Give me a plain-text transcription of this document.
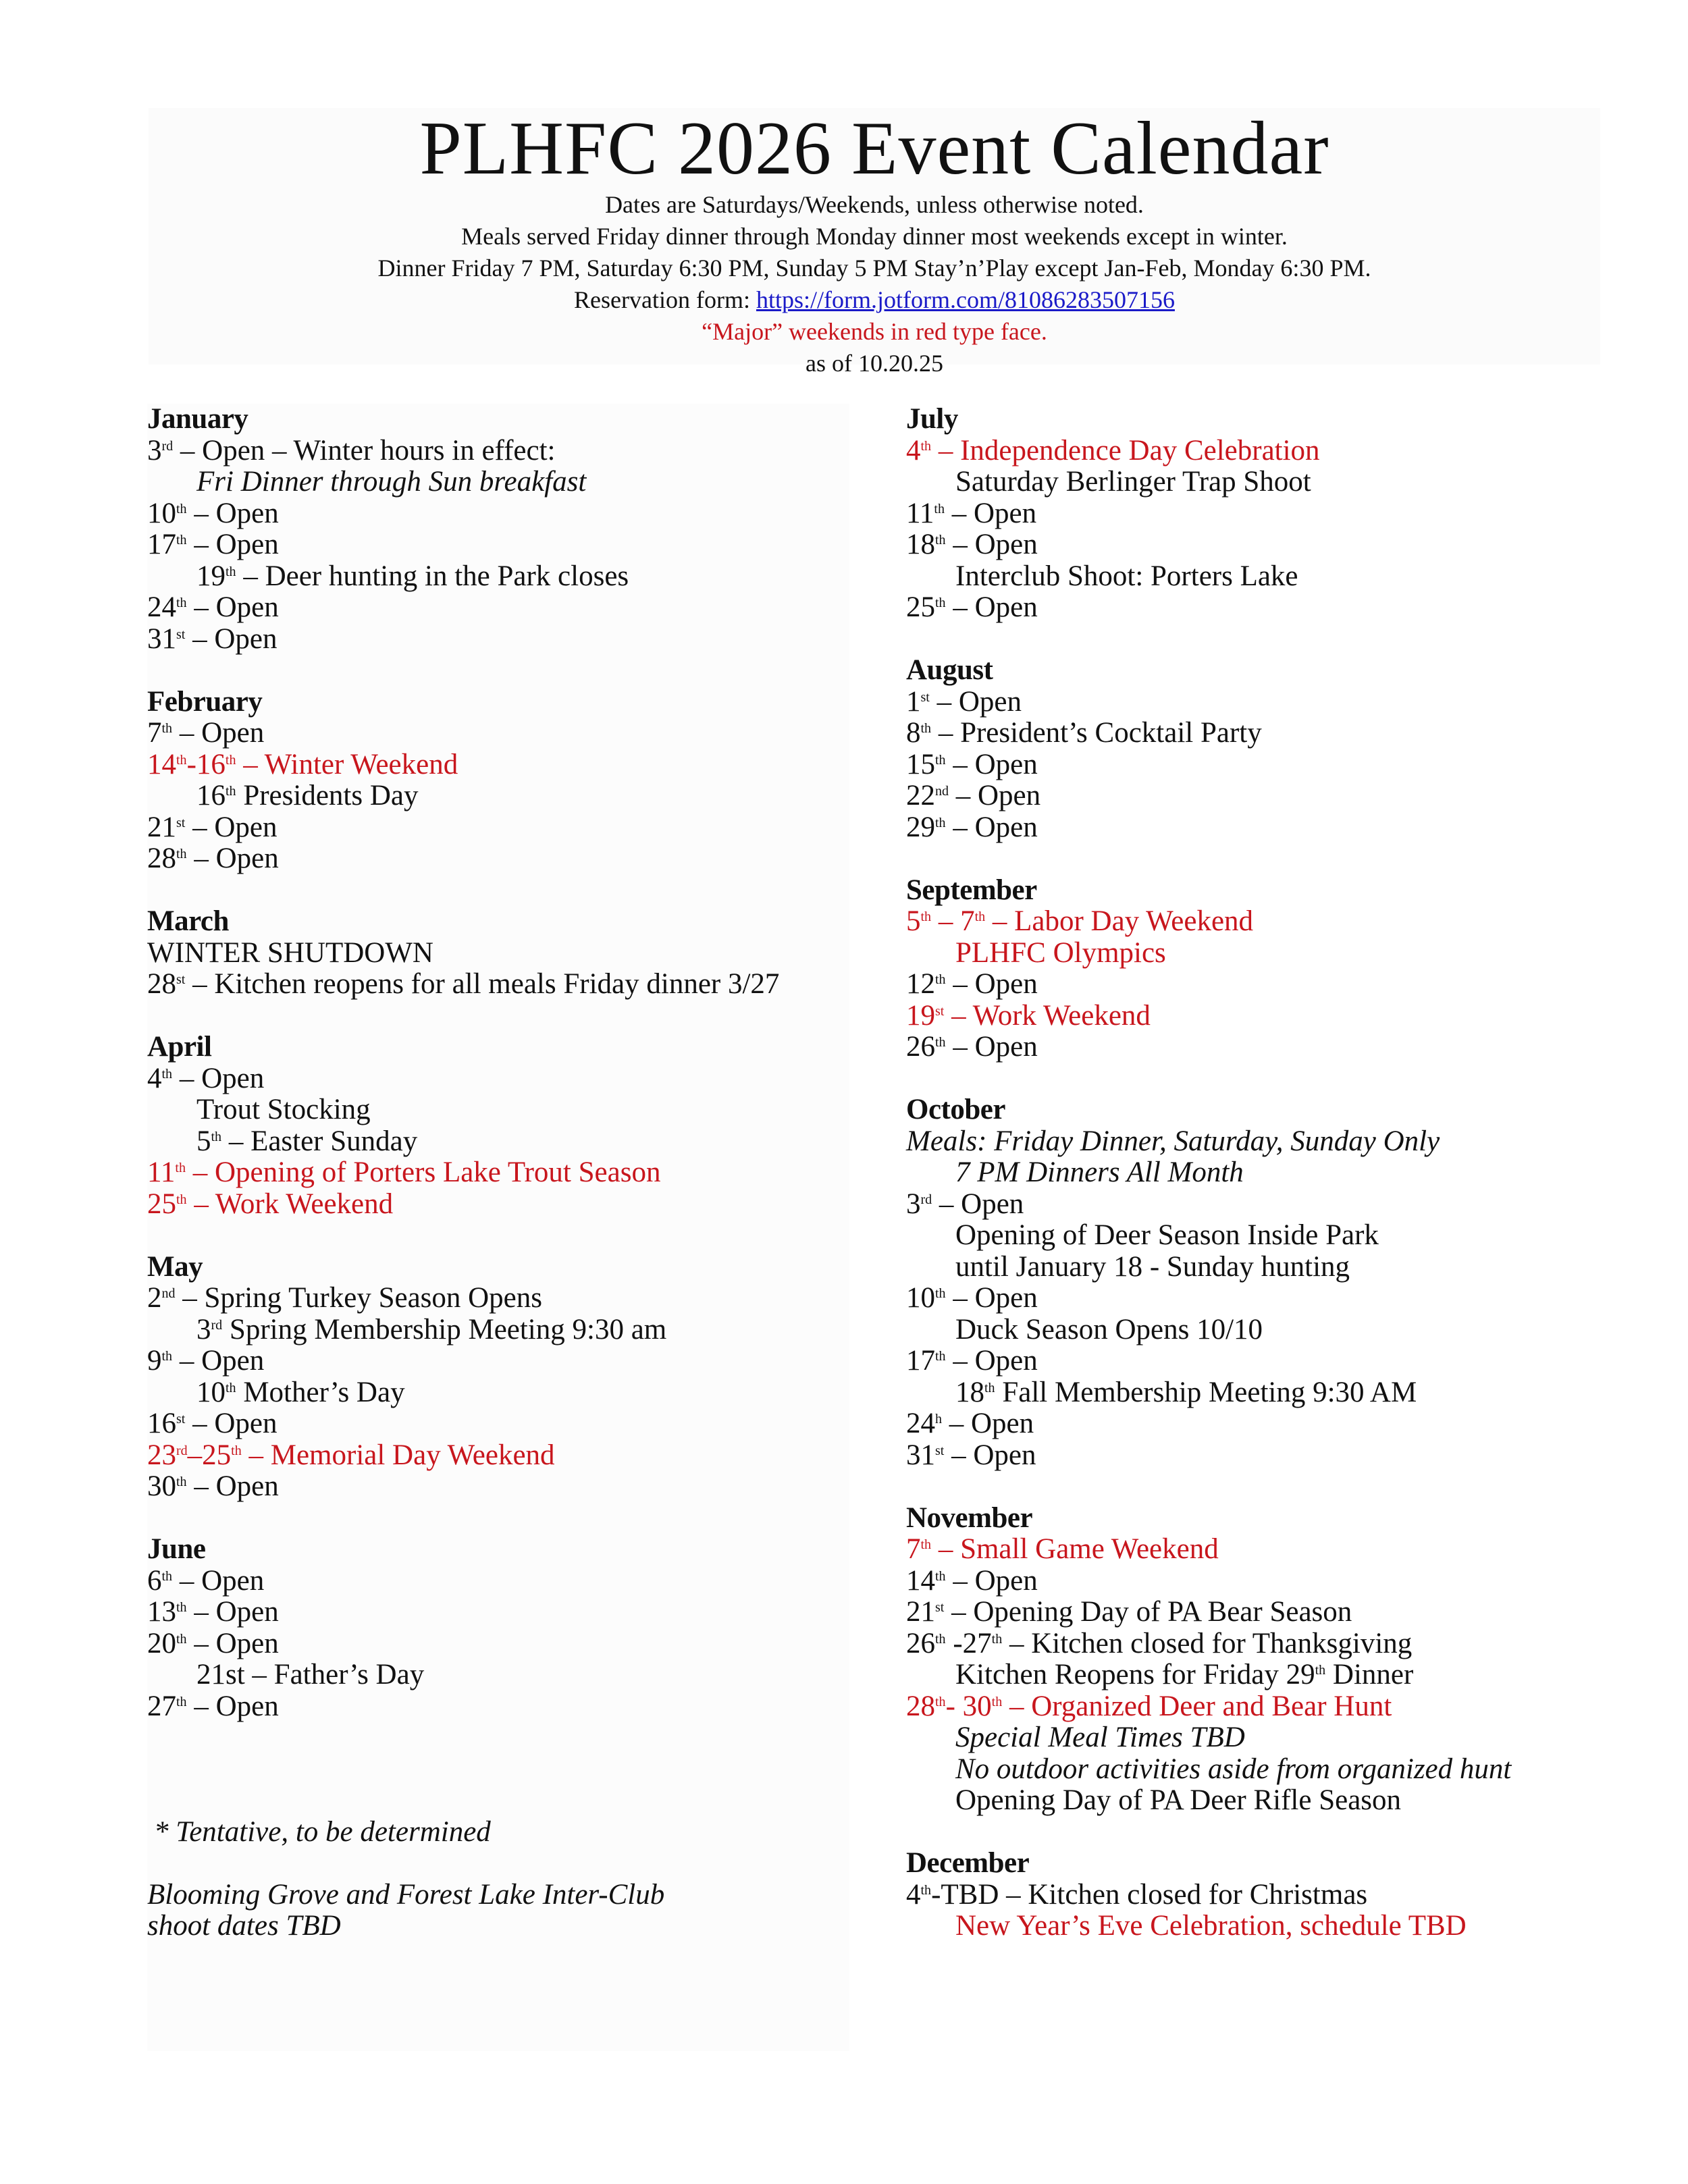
PLHFC 2026 Event Calendar
Dates are Saturdays/Weekends, unless otherwise noted.
Meals served Friday dinner through Monday dinner most weekends except in winter.
Dinner Friday 7 PM, Saturday 6:30 PM, Sunday 5 PM Stay’n’Play except Jan-Feb, Monday 6:30 PM.
Reservation form: https://form.jotform.com/81086283507156
“Major” weekends in red type face.
as of 10.20.25
January
3rd – Open – Winter hours in effect:
Fri Dinner through Sun breakfast
10th – Open
17th – Open
19th – Deer hunting in the Park closes
24th – Open
31st – Open
February
7th – Open
14th-16th – Winter Weekend
16th Presidents Day
21st – Open
28th – Open
March
WINTER SHUTDOWN
28st – Kitchen reopens for all meals Friday dinner 3/27
April
4th – Open
Trout Stocking
5th – Easter Sunday
11th – Opening of Porters Lake Trout Season
25th – Work Weekend
May
2nd – Spring Turkey Season Opens
3rd Spring Membership Meeting 9:30 am
9th – Open
10th Mother’s Day
16st – Open
23rd–25th – Memorial Day Weekend
30th – Open
June
6th – Open
13th – Open
20th – Open
21st – Father’s Day
27th – Open
* Tentative, to be determined
Blooming Grove and Forest Lake Inter-Club
shoot dates TBD
July
4th – Independence Day Celebration
Saturday Berlinger Trap Shoot
11th – Open
18th – Open
Interclub Shoot: Porters Lake
25th – Open
August
1st – Open
8th – President’s Cocktail Party
15th – Open
22nd – Open
29th – Open
September
5th – 7th – Labor Day Weekend
PLHFC Olympics
12th – Open
19st – Work Weekend
26th – Open
October
Meals: Friday Dinner, Saturday, Sunday Only
7 PM Dinners All Month
3rd – Open
Opening of Deer Season Inside Park
until January 18 - Sunday hunting
10th – Open
Duck Season Opens 10/10
17th – Open
18th Fall Membership Meeting 9:30 AM
24$^h$ – Open
31st – Open
November
7th – Small Game Weekend
14th – Open
21st – Opening Day of PA Bear Season
26th -27th – Kitchen closed for Thanksgiving
Kitchen Reopens for Friday 29th Dinner
28th- 30th – Organized Deer and Bear Hunt
Special Meal Times TBD
No outdoor activities aside from organized hunt
Opening Day of PA Deer Rifle Season
December
4th-TBD – Kitchen closed for Christmas
New Year’s Eve Celebration, schedule TBD
